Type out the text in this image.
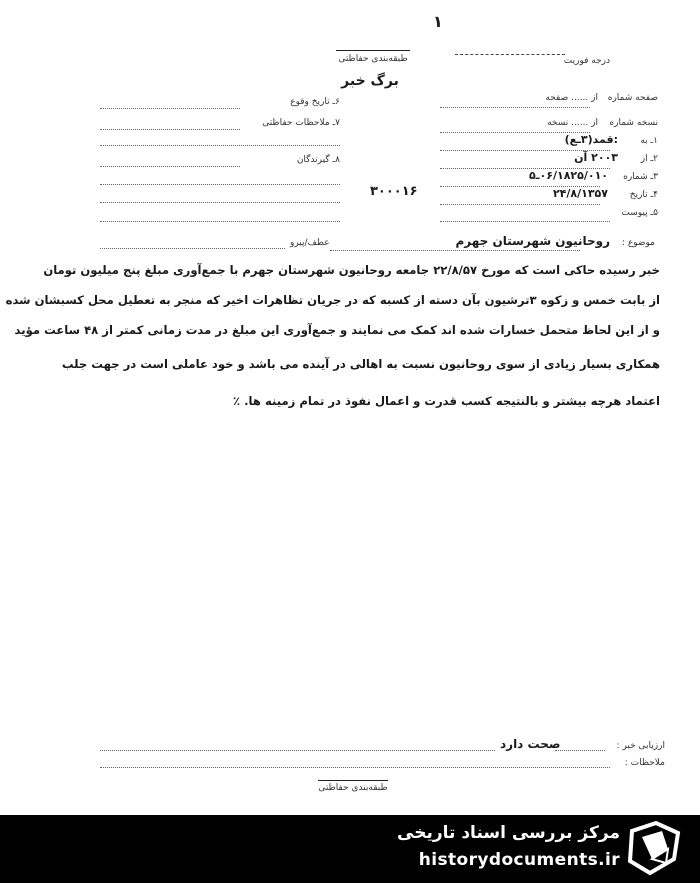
۱
طبقه‌بندی حفاظتی	درجه فوریت
برگ خبر
صفحه شماره
از ...... صفحه
نسخه شماره
از ...... نسخه
۱ـ به
:قمد(۳ـع)
۲ـ از
۲۰۰۳ آن
۳ـ شماره
۰۶/۱۸۲۵/۰۱۰ـ۵
۴ـ تاریخ
۲۴/۸/۱۳۵۷
۵ـ پیوست
۳۰۰۰۱۶
۶ـ تاریخ وقوع
۷ـ ملاحظات حفاظتی
۸ـ گیرندگان
موضوع :
روحانیون شهرستان جهرم
عطف/پیرو
خبر رسیده حاکی است که مورخ ۲۲/۸/۵۷ جامعه روحانیون شهرستان جهرم با جمع‌آوری مبلغ پنج میلیون تومان
از بابت خمس و زکوه ۳ترشیون بآن دسته از کسبه که در جریان تظاهرات اخیر که منجر به تعطیل محل کسبشان شده
و از این لحاظ متحمل خسارات شده اند کمک می نمایند و جمع‌آوری این مبلغ در مدت زمانی کمتر از ۴۸ ساعت مؤید
همکاری بسیار زیادی از سوی روحانیون نسبت به اهالی در آینده می باشد و خود عاملی است در جهت جلب
اعتماد هرچه بیشتر و بالنتیجه کسب قدرت و اعمال نفوذ در تمام زمینه ها. ٪
ارزیابی خبر :
صحت دارد
ملاحظات :
طبقه‌بندی حفاظتی
مرکز بررسی اسناد تاریخی
historydocuments.ir
